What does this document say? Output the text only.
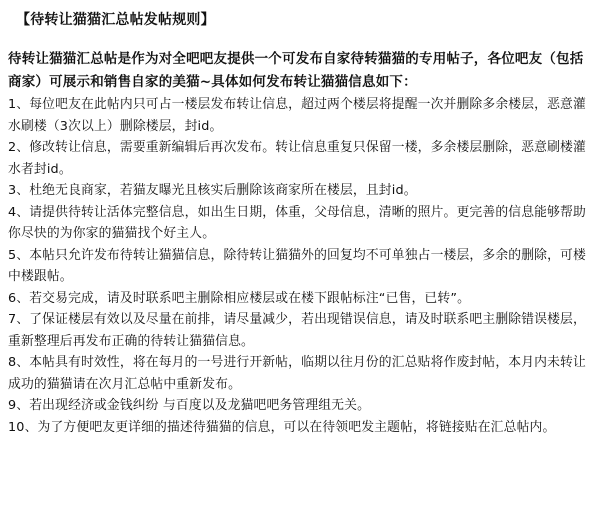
【待转让猫猫汇总帖发帖规则】
待转让猫猫汇总帖是作为对全吧吧友提供一个可发布自家待转猫猫的专用帖子，各位吧友（包括商家）可展示和销售自家的美猫~具体如何发布转让猫猫信息如下：
1、每位吧友在此帖内只可占一楼层发布转让信息，超过两个楼层将提醒一次并删除多余楼层，恶意灌水刷楼（3次以上）删除楼层，封id。
2、修改转让信息，需要重新编辑后再次发布。转让信息重复只保留一楼，多余楼层删除，恶意刷楼灌水者封id。
3、杜绝无良商家，若猫友曝光且核实后删除该商家所在楼层，且封id。
4、请提供待转让活体完整信息，如出生日期，体重，父母信息，清晰的照片。更完善的信息能够帮助你尽快的为你家的猫猫找个好主人。
5、本帖只允许发布待转让猫猫信息，除待转让猫猫外的回复均不可单独占一楼层，多余的删除，可楼中楼跟帖。
6、若交易完成，请及时联系吧主删除相应楼层或在楼下跟帖标注“已售，已转”。
7、了保证楼层有效以及尽量在前排，请尽量减少，若出现错误信息，请及时联系吧主删除错误楼层，重新整理后再发布正确的待转让猫猫信息。
8、本帖具有时效性，将在每月的一号进行开新帖，临期以往月份的汇总贴将作废封帖，本月内未转让成功的猫猫请在次月汇总帖中重新发布。
9、若出现经济或金钱纠纷 与百度以及龙猫吧吧务管理组无关。
10、为了方便吧友更详细的描述待猫猫的信息，可以在待领吧发主题帖，将链接贴在汇总帖内。
